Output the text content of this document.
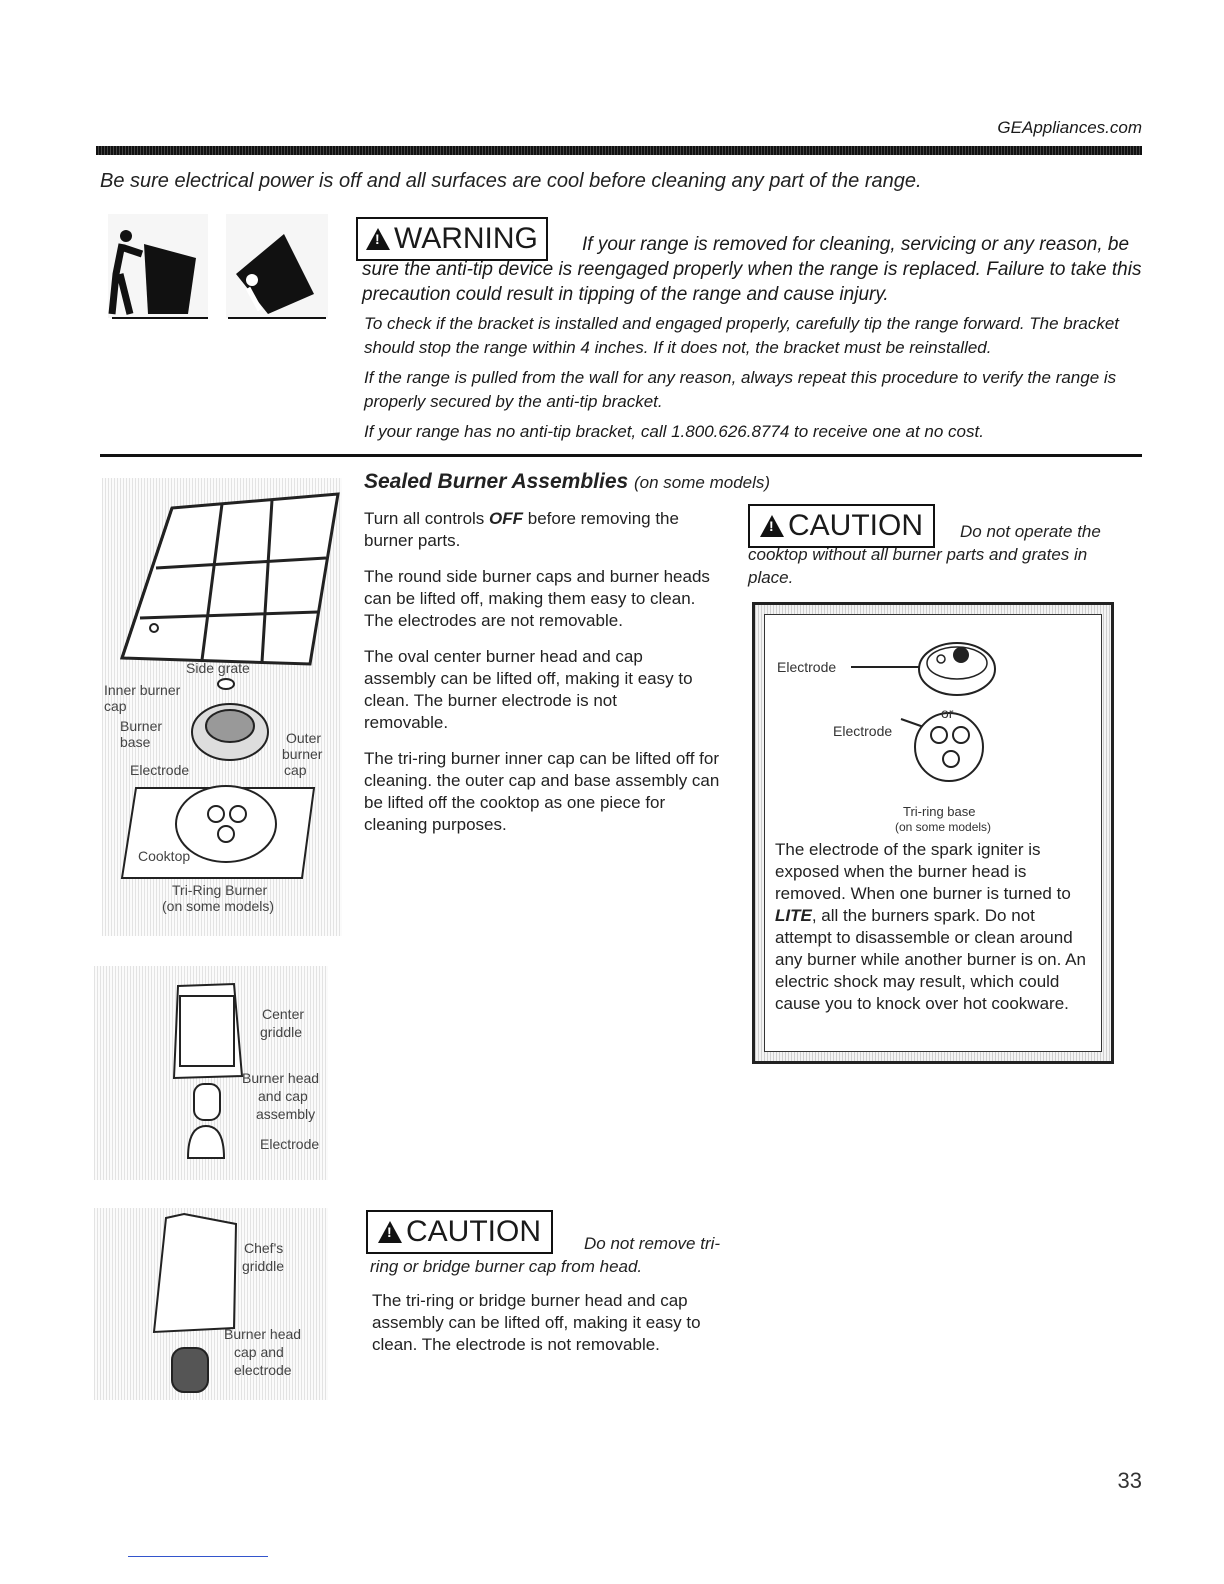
GEAppliances.com
Be sure electrical power is off and all surfaces are cool before cleaning any part of the range.
!
WARNING	If your range is removed for cleaning, servicing or any reason, be sure the anti-tip device is reengaged properly when the range is replaced. Failure to take this precaution could result in tipping of the range and cause injury.
To check if the bracket is installed and engaged properly, carefully tip the range forward. The bracket should stop the range within 4 inches. If it does not, the bracket must be reinstalled.
If the range is pulled from the wall for any reason, always repeat this procedure to verify the range is properly secured by the anti-tip bracket.
If your range has no anti-tip bracket, call 1.800.626.8774 to receive one at no cost.
Sealed Burner Assemblies (on some models)
Side grate
Inner burner
cap
Burner
base
Electrode
Outer
burner
cap
Cooktop
Tri-Ring Burner
(on some models)
Center
griddle
Burner head
and cap
assembly
Electrode
Chef's
griddle
Burner head
cap and
electrode
Turn all controls OFF before removing the burner parts.
The round side burner caps and burner heads can be lifted off, making them easy to clean. The electrodes are not removable.
The oval center burner head and cap assembly can be lifted off, making it easy to clean. The burner electrode is not removable.
The tri-ring burner inner cap can be lifted off for cleaning. the outer cap and base assembly can be lifted off the cooktop as one piece for cleaning purposes.
!
CAUTION	Do not operate the cooktop without all burner parts and grates in place.
Electrode
or
Electrode
Tri-ring base
(on some models)
The electrode of the spark igniter is exposed when the burner head is removed. When one burner is turned to LITE, all the burners spark. Do not attempt to disassemble or clean around any burner while another burner is on. An electric shock may result, which could cause you to knock over hot cookware.
!
CAUTION	Do not remove tri-ring or bridge burner cap from head.
The tri-ring or bridge burner head and cap assembly can be lifted off, making it easy to clean. The electrode is not removable.
33
